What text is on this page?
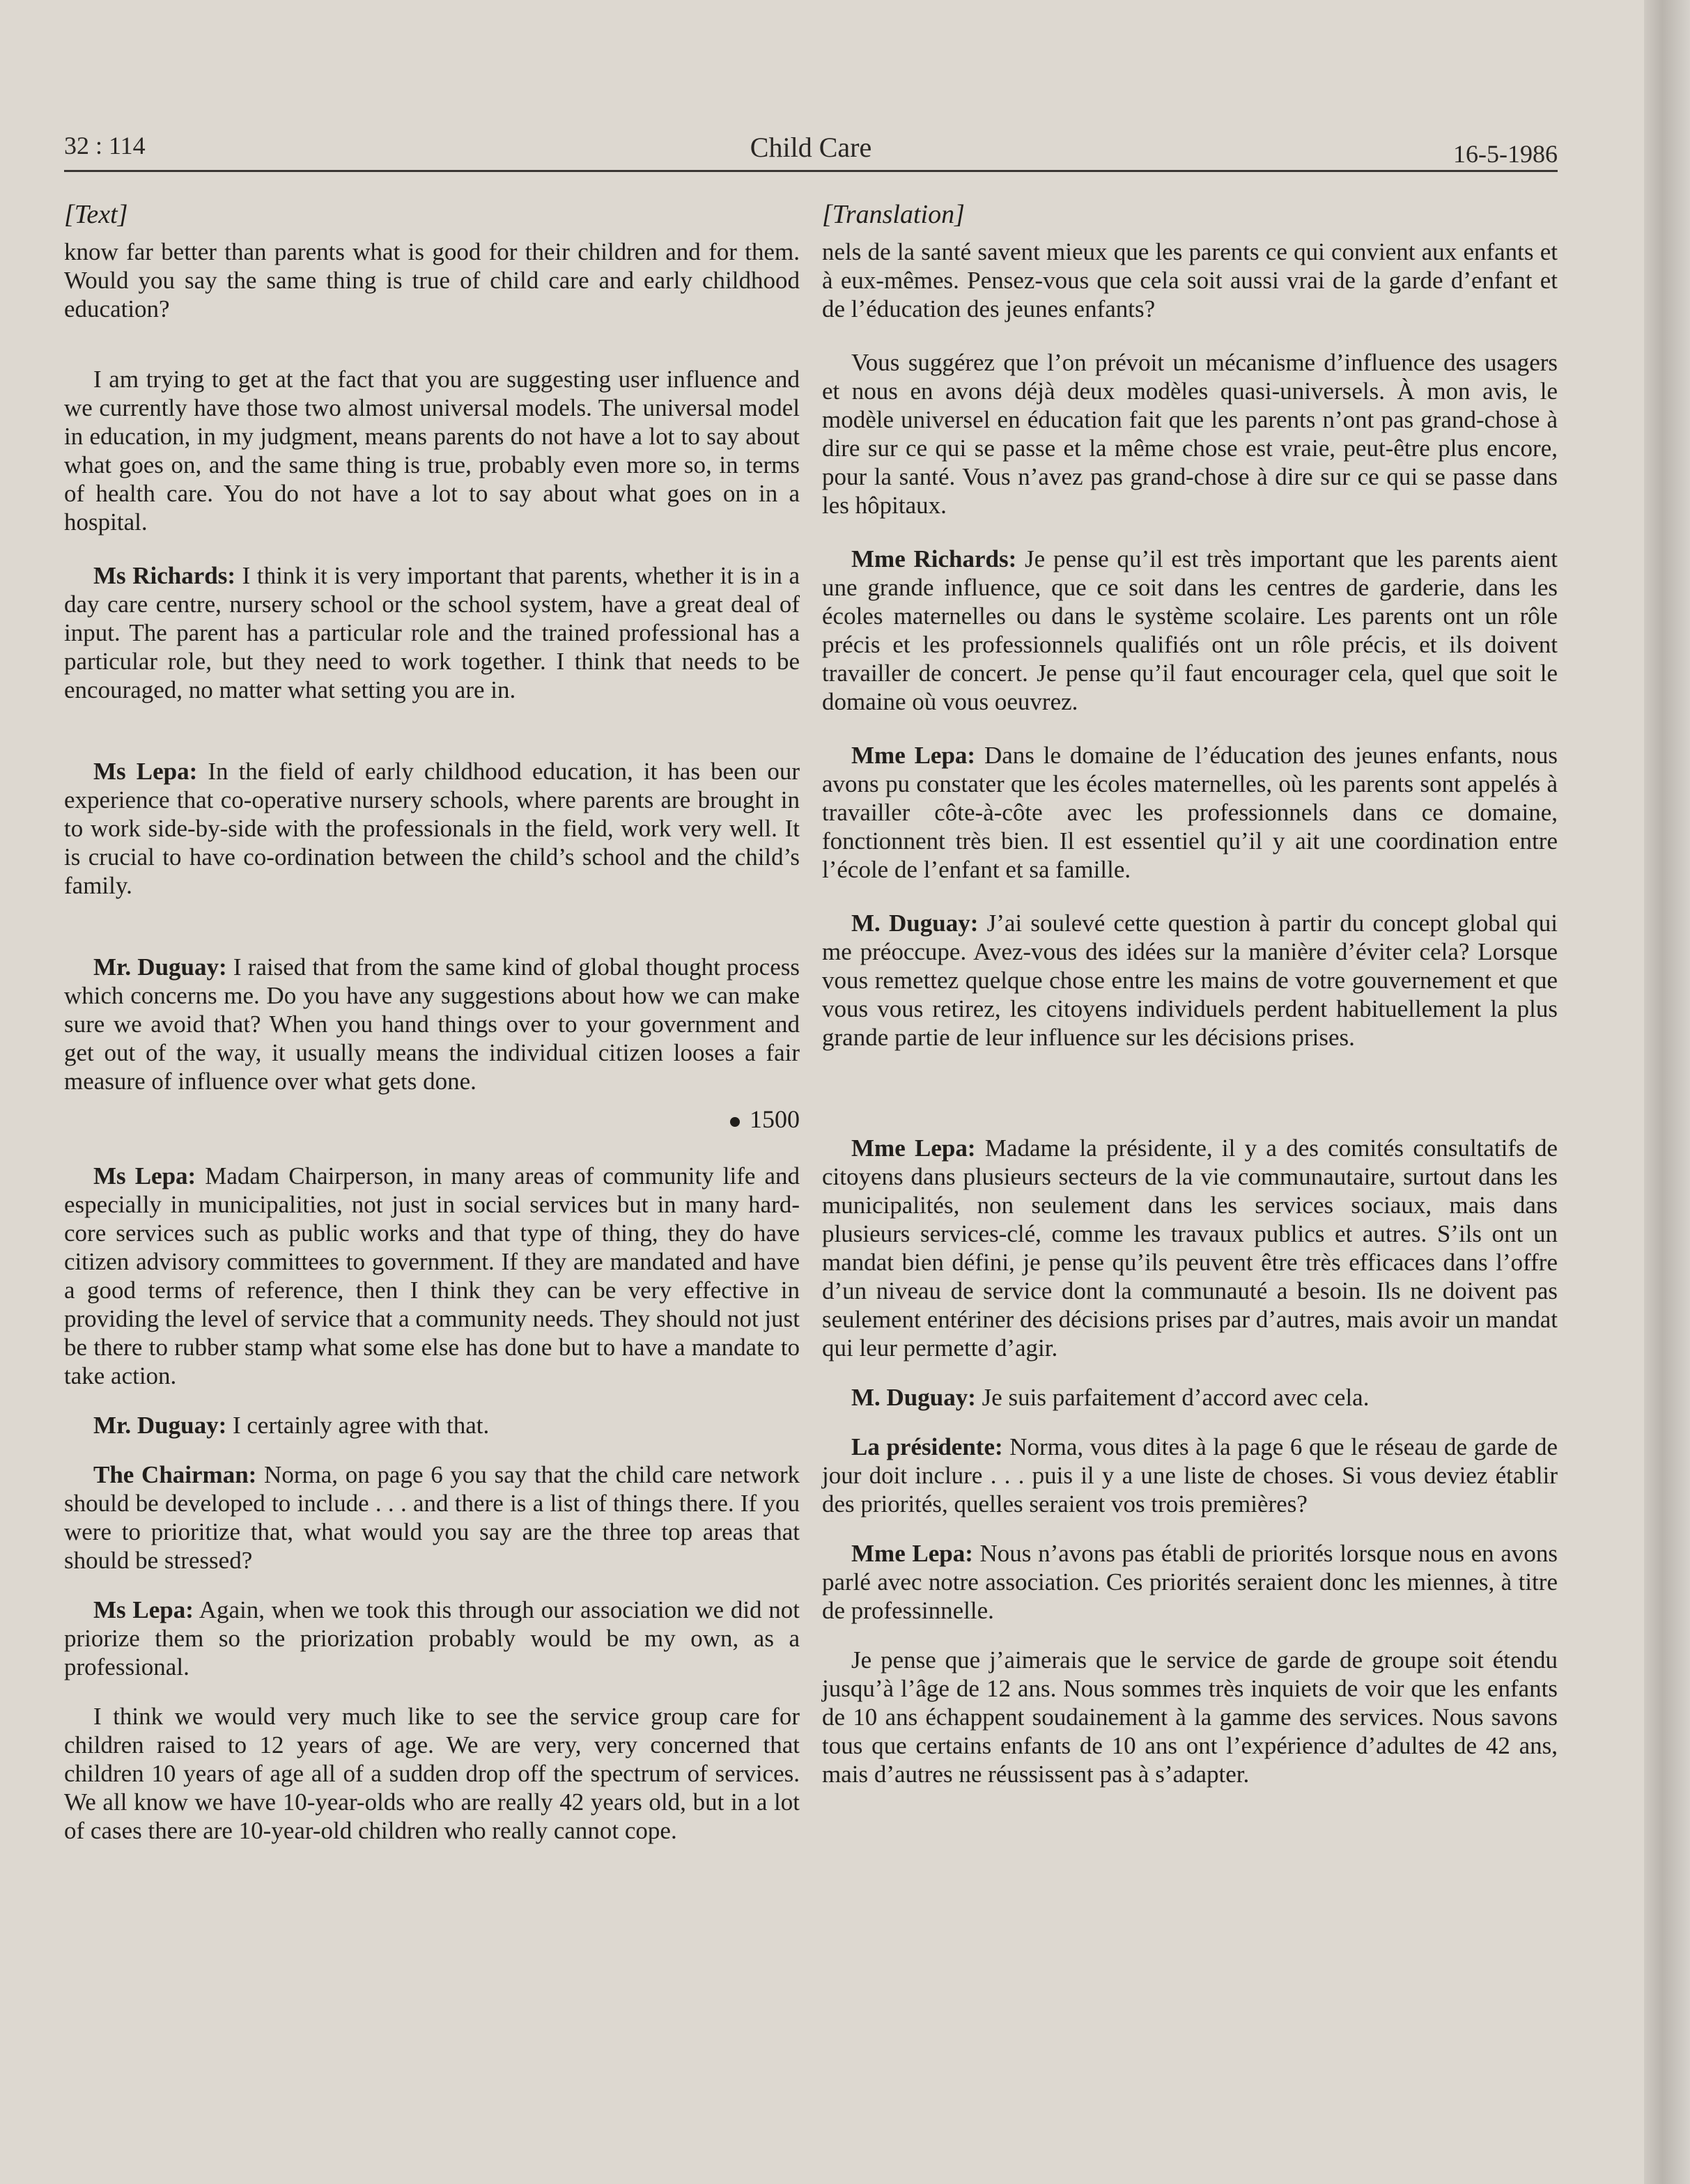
32 : 114	Child Care	16-5-1986
[Text]

know far better than parents what is good for their children and for them. Would you say the same thing is true of child care and early childhood education?

I am trying to get at the fact that you are suggesting user influence and we currently have those two almost universal models. The universal model in education, in my judgment, means parents do not have a lot to say about what goes on, and the same thing is true, probably even more so, in terms of health care. You do not have a lot to say about what goes on in a hospital.

Ms Richards: I think it is very important that parents, whether it is in a day care centre, nursery school or the school system, have a great deal of input. The parent has a particular role and the trained professional has a particular role, but they need to work together. I think that needs to be encouraged, no matter what setting you are in.

Ms Lepa: In the field of early childhood education, it has been our experience that co-operative nursery schools, where parents are brought in to work side-by-side with the professionals in the field, work very well. It is crucial to have co-ordination between the child’s school and the child’s family.

Mr. Duguay: I raised that from the same kind of global thought process which concerns me. Do you have any suggestions about how we can make sure we avoid that? When you hand things over to your government and get out of the way, it usually means the individual citizen looses a fair measure of influence over what gets done.

1500

Ms Lepa: Madam Chairperson, in many areas of community life and especially in municipalities, not just in social services but in many hard-core services such as public works and that type of thing, they do have citizen advisory committees to government. If they are mandated and have a good terms of reference, then I think they can be very effective in providing the level of service that a community needs. They should not just be there to rubber stamp what some else has done but to have a mandate to take action.

Mr. Duguay: I certainly agree with that.

The Chairman: Norma, on page 6 you say that the child care network should be developed to include . . . and there is a list of things there. If you were to prioritize that, what would you say are the three top areas that should be stressed?

Ms Lepa: Again, when we took this through our association we did not priorize them so the priorization probably would be my own, as a professional.

I think we would very much like to see the service group care for children raised to 12 years of age. We are very, very concerned that children 10 years of age all of a sudden drop off the spectrum of services. We all know we have 10-year-olds who are really 42 years old, but in a lot of cases there are 10-year-old children who really cannot cope.

[Translation]

nels de la santé savent mieux que les parents ce qui convient aux enfants et à eux-mêmes. Pensez-vous que cela soit aussi vrai de la garde d’enfant et de l’éducation des jeunes enfants?

Vous suggérez que l’on prévoit un mécanisme d’influence des usagers et nous en avons déjà deux modèles quasi-universels. À mon avis, le modèle universel en éducation fait que les parents n’ont pas grand-chose à dire sur ce qui se passe et la même chose est vraie, peut-être plus encore, pour la santé. Vous n’avez pas grand-chose à dire sur ce qui se passe dans les hôpitaux.

Mme Richards: Je pense qu’il est très important que les parents aient une grande influence, que ce soit dans les centres de garderie, dans les écoles maternelles ou dans le système scolaire. Les parents ont un rôle précis et les professionnels qualifiés ont un rôle précis, et ils doivent travailler de concert. Je pense qu’il faut encourager cela, quel que soit le domaine où vous oeuvrez.

Mme Lepa: Dans le domaine de l’éducation des jeunes enfants, nous avons pu constater que les écoles maternelles, où les parents sont appelés à travailler côte-à-côte avec les professionnels dans ce domaine, fonctionnent très bien. Il est essentiel qu’il y ait une coordination entre l’école de l’enfant et sa famille.

M. Duguay: J’ai soulevé cette question à partir du concept global qui me préoccupe. Avez-vous des idées sur la manière d’éviter cela? Lorsque vous remettez quelque chose entre les mains de votre gouvernement et que vous vous retirez, les citoyens individuels perdent habituellement la plus grande partie de leur influence sur les décisions prises.

Mme Lepa: Madame la présidente, il y a des comités consultatifs de citoyens dans plusieurs secteurs de la vie communautaire, surtout dans les municipalités, non seulement dans les services sociaux, mais dans plusieurs services-clé, comme les travaux publics et autres. S’ils ont un mandat bien défini, je pense qu’ils peuvent être très efficaces dans l’offre d’un niveau de service dont la communauté a besoin. Ils ne doivent pas seulement entériner des décisions prises par d’autres, mais avoir un mandat qui leur permette d’agir.

M. Duguay: Je suis parfaitement d’accord avec cela.

La présidente: Norma, vous dites à la page 6 que le réseau de garde de jour doit inclure . . . puis il y a une liste de choses. Si vous deviez établir des priorités, quelles seraient vos trois premières?

Mme Lepa: Nous n’avons pas établi de priorités lorsque nous en avons parlé avec notre association. Ces priorités seraient donc les miennes, à titre de professinnelle.

Je pense que j’aimerais que le service de garde de groupe soit étendu jusqu’à l’âge de 12 ans. Nous sommes très inquiets de voir que les enfants de 10 ans échappent soudainement à la gamme des services. Nous savons tous que certains enfants de 10 ans ont l’expérience d’adultes de 42 ans, mais d’autres ne réussissent pas à s’adapter.
